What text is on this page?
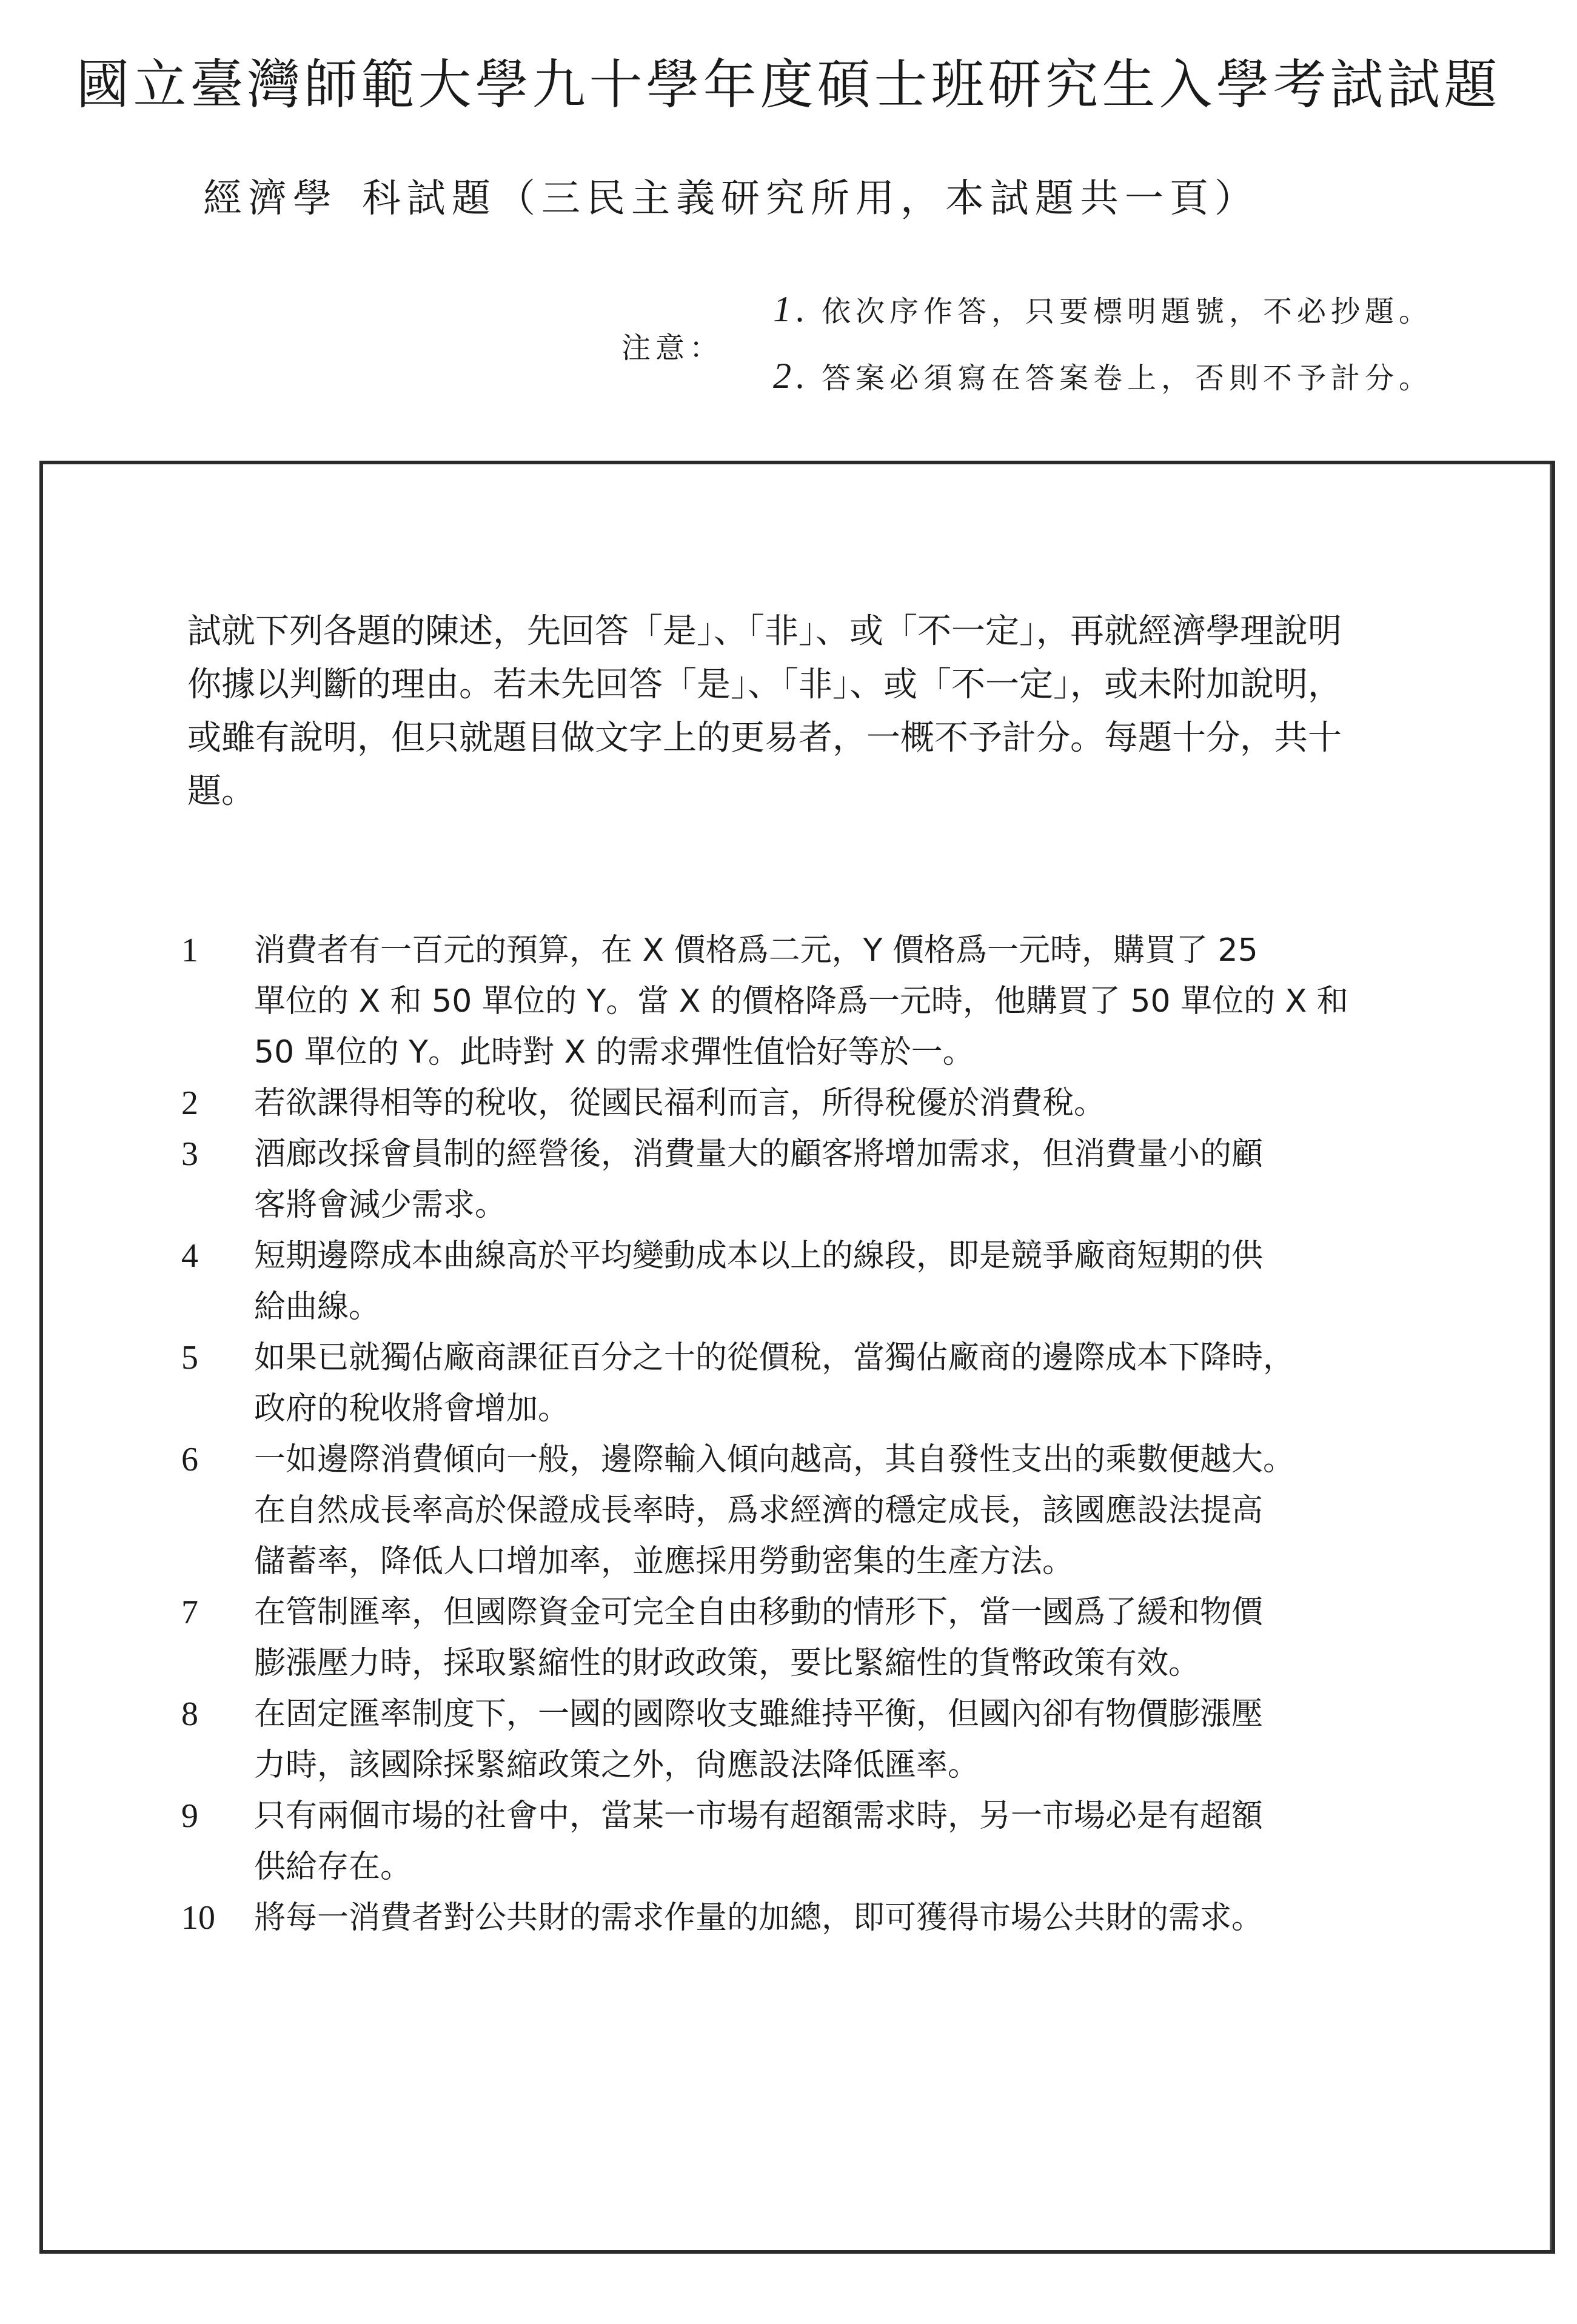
國立臺灣師範大學九十學年度碩士班研究生入學考試試題
經濟學 科試題（三民主義研究所用，本試題共一頁）
注意：
1. 依次序作答，只要標明題號，不必抄題。
2. 答案必須寫在答案卷上，否則不予計分。

試就下列各題的陳述，先回答「是」、「非」、或「不一定」，再就經濟學理說明

你據以判斷的理由。若未先回答「是」、「非」、或「不一定」，或未附加說明，

或雖有說明，但只就題目做文字上的更易者，一概不予計分。每題十分，共十

題。

1 消費者有一百元的預算，在 X 價格爲二元，Y 價格爲一元時，購買了 25
單位的 X 和 50 單位的 Y。當 X 的價格降爲一元時，他購買了 50 單位的 X 和
50 單位的 Y。此時對 X 的需求彈性值恰好等於一。
2 若欲課得相等的稅收，從國民福利而言，所得稅優於消費稅。
3 酒廊改採會員制的經營後，消費量大的顧客將增加需求，但消費量小的顧
客將會減少需求。
4 短期邊際成本曲線高於平均變動成本以上的線段，即是競爭廠商短期的供
給曲線。
5 如果已就獨佔廠商課征百分之十的從價稅，當獨佔廠商的邊際成本下降時，
政府的稅收將會增加。
6 一如邊際消費傾向一般，邊際輸入傾向越高，其自發性支出的乘數便越大。
在自然成長率高於保證成長率時，爲求經濟的穩定成長，該國應設法提高
儲蓄率，降低人口增加率，並應採用勞動密集的生產方法。
7 在管制匯率，但國際資金可完全自由移動的情形下，當一國爲了緩和物價
膨漲壓力時，採取緊縮性的財政政策，要比緊縮性的貨幣政策有效。
8 在固定匯率制度下，一國的國際收支雖維持平衡，但國內卻有物價膨漲壓
力時，該國除採緊縮政策之外，尙應設法降低匯率。
9 只有兩個市場的社會中，當某一市場有超額需求時，另一市場必是有超額
供給存在。
10 將每一消費者對公共財的需求作量的加總，即可獲得市場公共財的需求。
